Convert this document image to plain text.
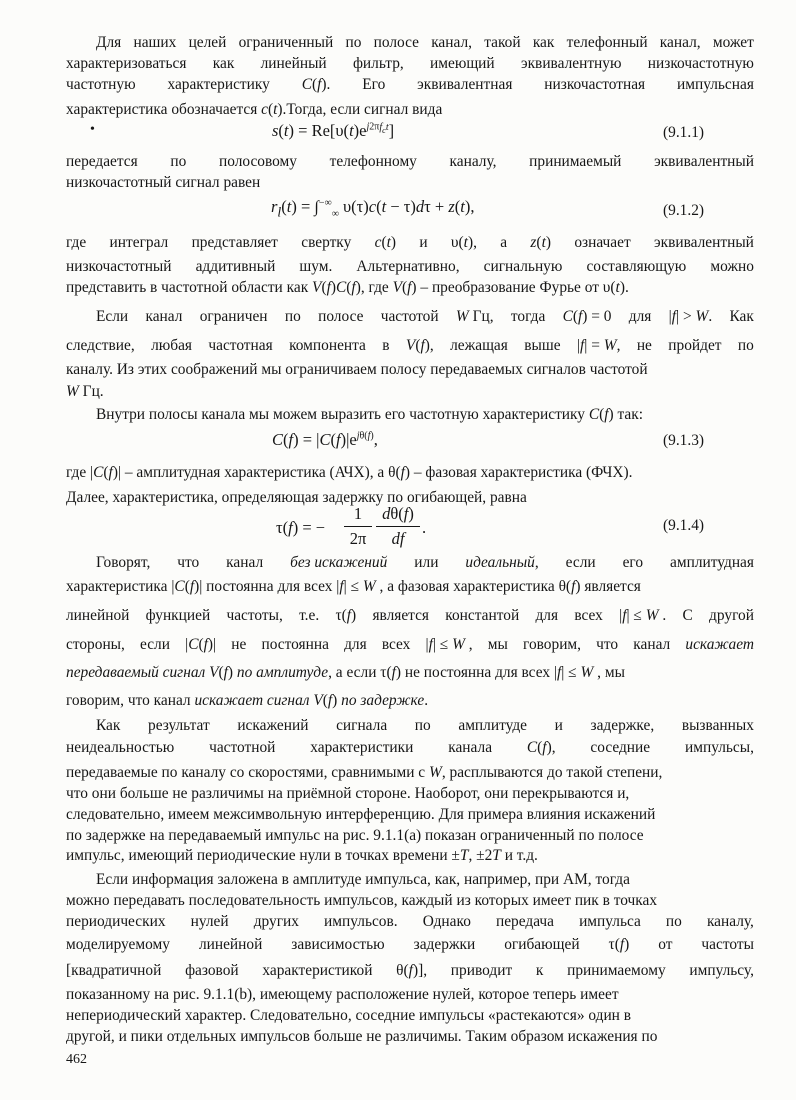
Для наших целей ограниченный по полосе канал, такой как телефонный канал, может
характеризоваться как линейный фильтр, имеющий эквивалентную низкочастотную
частотную характеристику C(f). Его эквивалентная низкочастотная импульсная
характеристика обозначается c(t).Тогда, если сигнал вида
•	$s(t) = Re[\upsilon(t)e^{j2\pi f_ct}]$	(9.1.1)
передается по полосовому телефонному каналу, принимаемый эквивалентный
низкочастотный сигнал равен
$r_l(t) = \int^{-\infty}_\infty$ υ(τ)c(t − τ)dτ + z(t),	(9.1.2)
где интеграл представляет свертку c(t) и υ(t), а z(t) означает эквивалентный
низкочастотный аддитивный шум. Альтернативно, сигнальную составляющую можно
представить в частотной области как V(f)C(f), где V(f) – преобразование Фурье от υ(t).
Если канал ограничен по полосе частотой W Гц, тогда C(f) = 0 для |f| > W. Как
следствие, любая частотная компонента в V(f), лежащая выше |f| = W, не пройдет по
каналу. Из этих соображений мы ограничиваем полосу передаваемых сигналов частотой
W Гц.
Внутри полосы канала мы можем выразить его частотную характеристику C(f) так:
$C(f) = |C(f)|e^{j\theta(f)}$,	(9.1.3)
где |C(f)| – амплитудная характеристика (АЧХ), а θ(f) – фазовая характеристика (ФЧХ).
Далее, характеристика, определяющая задержку по огибающей, равна
τ(f) = −
1
2π
dθ(f)
df
.	(9.1.4)
Говорят, что канал без искажений или идеальный, если его амплитудная
характеристика |C(f)| постоянна для всех |f| ≤ W , а фазовая характеристика θ(f) является
линейной функцией частоты, т.е. τ(f) является константой для всех |f| ≤ W . С другой
стороны, если |C(f)| не постоянна для всех |f| ≤ W , мы говорим, что канал искажает
передаваемый сигнал V(f) по амплитуде, а если τ(f) не постоянна для всех |f| ≤ W , мы
говорим, что канал искажает сигнал V(f) по задержке.
Как результат искажений сигнала по амплитуде и задержке, вызванных
неидеальностью частотной характеристики канала C(f), соседние импульсы,
передаваемые по каналу со скоростями, сравнимыми с W, расплываются до такой степени,
что они больше не различимы на приёмной стороне. Наоборот, они перекрываются и,
следовательно, имеем межсимвольную интерференцию. Для примера влияния искажений
по задержке на передаваемый импульс на рис. 9.1.1(а) показан ограниченный по полосе
импульс, имеющий периодические нули в точках времени ±T, ±2T и т.д.
Если информация заложена в амплитуде импульса, как, например, при АМ, тогда
можно передавать последовательность импульсов, каждый из которых имеет пик в точках
периодических нулей других импульсов. Однако передача импульса по каналу,
моделируемому линейной зависимостью задержки огибающей τ(f) от частоты
[квадратичной фазовой характеристикой θ(f)], приводит к принимаемому импульсу,
показанному на рис. 9.1.1(b), имеющему расположение нулей, которое теперь имеет
непериодический характер. Следовательно, соседние импульсы «растекаются» один в
другой, и пики отдельных импульсов больше не различимы. Таким образом искажения по
462
